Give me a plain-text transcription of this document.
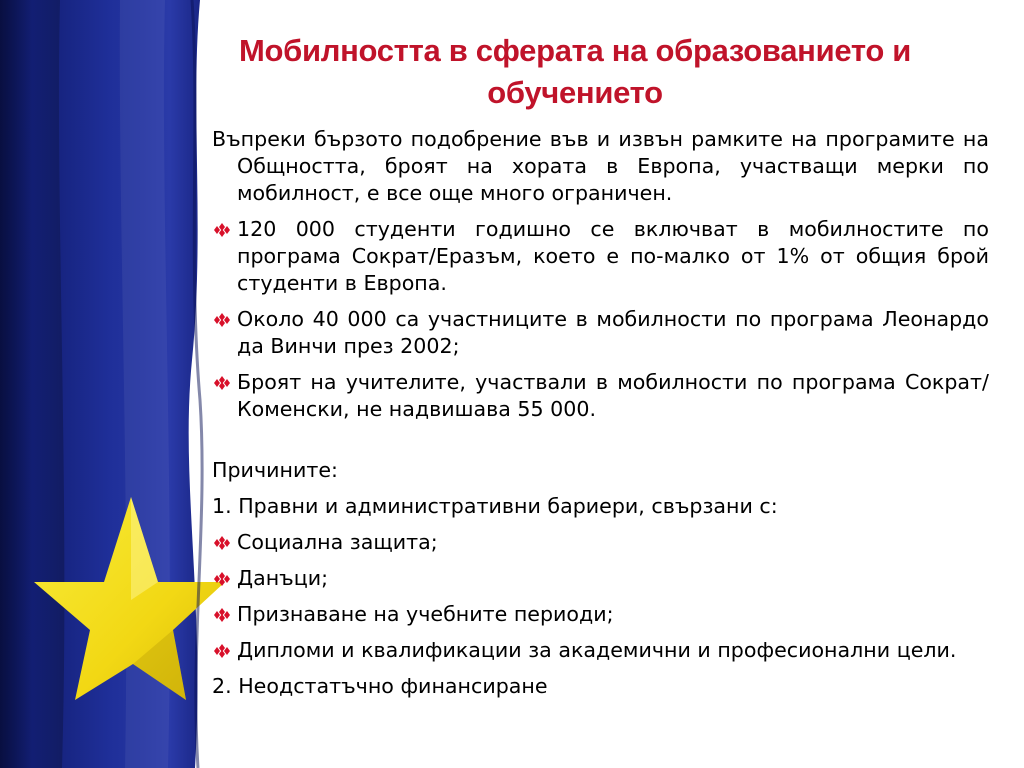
Мобилността в сферата на образованието и обучението
Въпреки бързото подобрение във и извън рамките на програмите на Общността, броят на хората в Европа, участващи мерки по мобилност, е все още много ограничен.
120 000 студенти годишно се включват в мобилностите по програма Сократ/Еразъм, което е по-малко от 1% от общия брой студенти в Европа.
Около 40 000 са участниците в мобилности по програма Леонардо да Винчи през 2002;
Броят на учителите, участвали в мобилности по програма Сократ/Коменски, не надвишава 55 000.
Причините:
1. Правни и административни бариери, свързани с:
Социална защита;
Данъци;
Признаване на учебните периоди;
Дипломи и квалификации за академични и професионални цели.
2. Неодстатъчно финансиране
